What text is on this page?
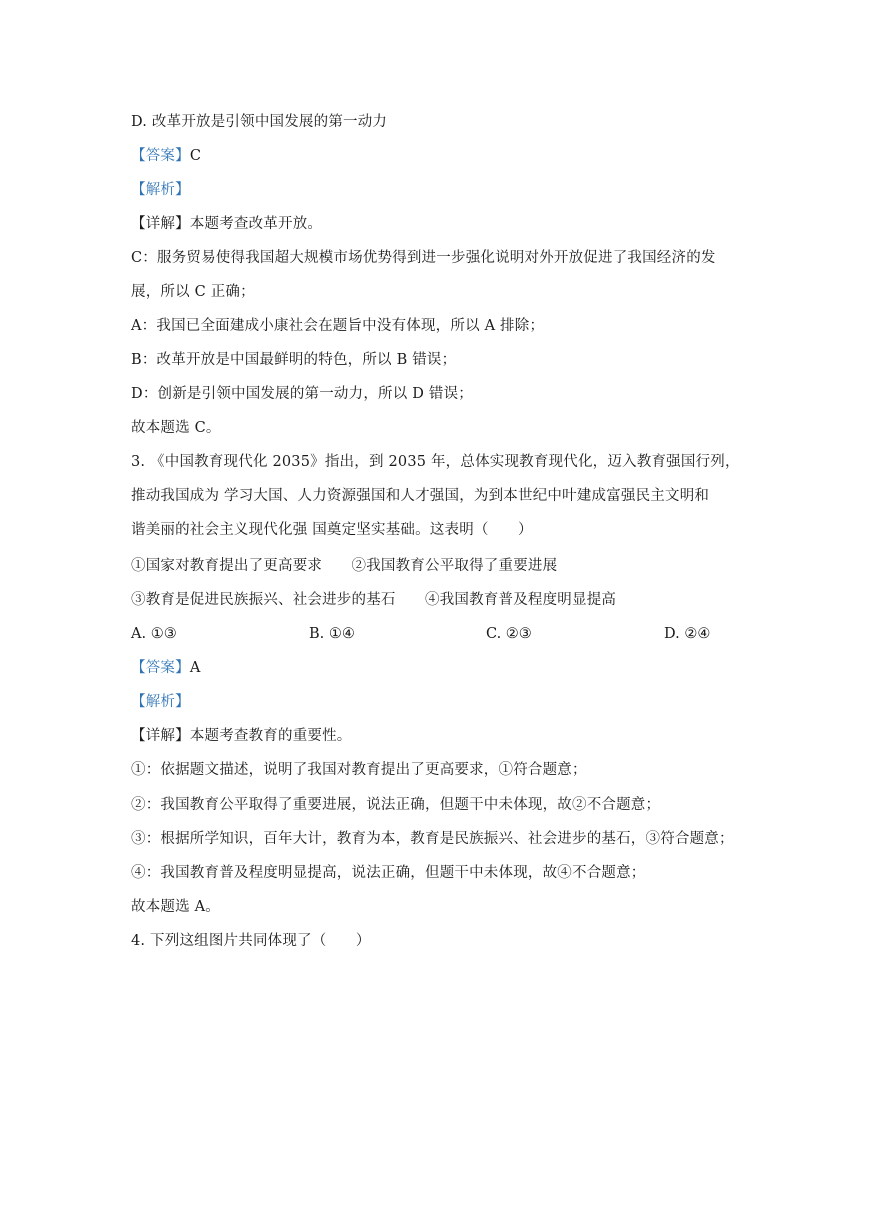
D. 改革开放是引领中国发展的第一动力
【答案】C
【解析】
【详解】本题考查改革开放。
C：服务贸易使得我国超大规模市场优势得到进一步强化说明对外开放促进了我国经济的发
展，所以 C 正确；
A：我国已全面建成小康社会在题旨中没有体现，所以 A 排除；
B：改革开放是中国最鲜明的特色，所以 B 错误；
D：创新是引领中国发展的第一动力，所以 D 错误；
故本题选 C。
3. 《中国教育现代化 2035》指出，到 2035 年，总体实现教育现代化，迈入教育强国行列，
推动我国成为 学习大国、人力资源强国和人才强国，为到本世纪中叶建成富强民主文明和
谐美丽的社会主义现代化强 国奠定坚实基础。这表明（　　）
①国家对教育提出了更高要求　　②我国教育公平取得了重要进展
③教育是促进民族振兴、社会进步的基石　　④我国教育普及程度明显提高
A. ①③	B. ①④	C. ②③	D. ②④
【答案】A
【解析】
【详解】本题考查教育的重要性。
①：依据题文描述，说明了我国对教育提出了更高要求，①符合题意；
②：我国教育公平取得了重要进展，说法正确，但题干中未体现，故②不合题意；
③：根据所学知识，百年大计，教育为本，教育是民族振兴、社会进步的基石，③符合题意；
④：我国教育普及程度明显提高，说法正确，但题干中未体现，故④不合题意；
故本题选 A。
4. 下列这组图片共同体现了（　　）
